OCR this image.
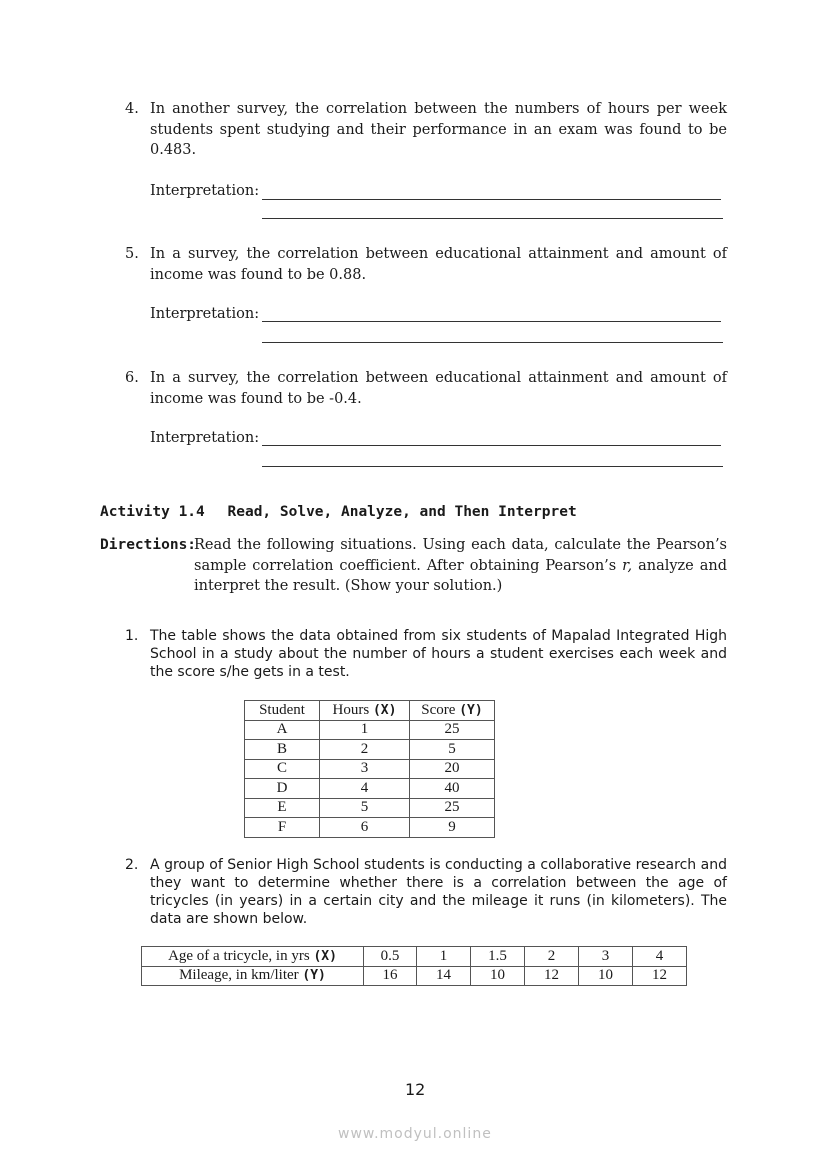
4. In another survey, the correlation between the numbers of hours per week students spent studying and their performance in an exam was found to be 0.483.
Interpretation:
5. In a survey, the correlation between educational attainment and amount of income was found to be 0.88.
Interpretation:
6. In a survey, the correlation between educational attainment and amount of income was found to be -0.4.
Interpretation:
Activity 1.4 Read, Solve, Analyze, and Then Interpret
Directions:
Read the following situations. Using each data, calculate the Pearson’s sample correlation coefficient. After obtaining Pearson’s r, analyze and interpret the result. (Show your solution.)
1. The table shows the data obtained from six students of Mapalad Integrated High School in a study about the number of hours a student exercises each week and the score s/he gets in a test.
Student	Hours (X)	Score (Y)
A	1	25
B	2	5
C	3	20
D	4	40
E	5	25
F	6	9
2. A group of Senior High School students is conducting a collaborative research and they want to determine whether there is a correlation between the age of tricycles (in years) in a certain city and the mileage it runs (in kilometers). The data are shown below.
Age of a tricycle, in yrs (X)	0.5	1	1.5	2	3	4
Mileage, in km/liter (Y)	16	14	10	12	10	12
12
www.modyul.online
